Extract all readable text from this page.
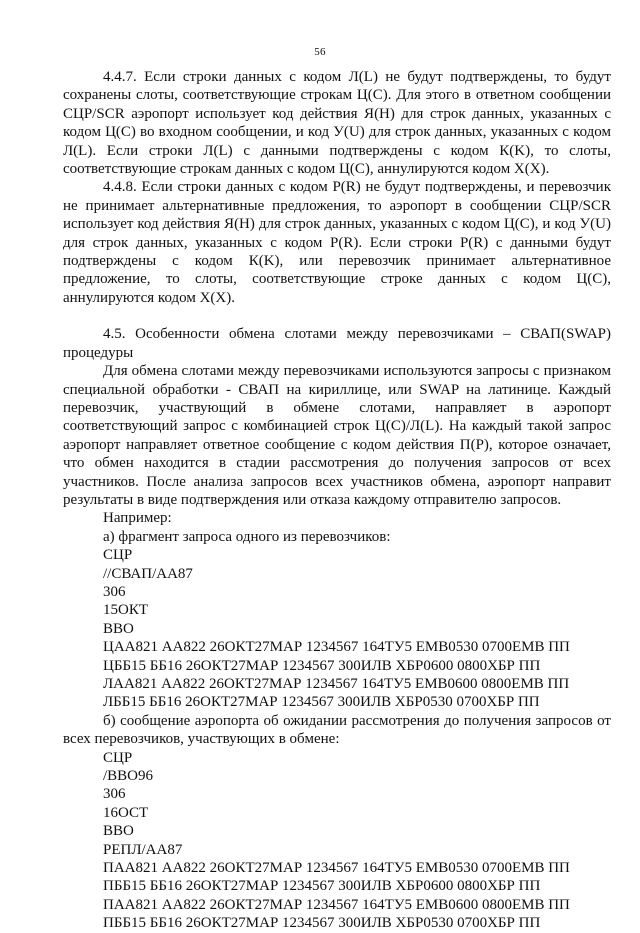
56

4.4.7. Если строки данных с кодом Л(L) не будут подтверждены, то будут сохранены слоты, соответствующие строкам Ц(C). Для этого в ответном сообщении СЦР/SCR аэропорт использует код действия Я(H) для строк данных, указанных с кодом Ц(C) во входном сообщении, и код У(U) для строк данных, указанных с кодом Л(L). Если строки Л(L) с данными подтверждены с кодом К(K), то слоты, соответствующие строкам данных с кодом Ц(C), аннулируются кодом Х(X).

4.4.8. Если строки данных с кодом Р(R) не будут подтверждены, и перевозчик не принимает альтернативные предложения, то аэропорт в сообщении СЦР/SCR использует код действия Я(H) для строк данных, указанных с кодом Ц(C), и код У(U) для строк данных, указанных с кодом Р(R). Если строки Р(R) с данными будут подтверждены с кодом К(K), или перевозчик принимает альтернативное предложение, то слоты, соответствующие строке данных с кодом Ц(C), аннулируются кодом Х(X).

4.5. Особенности обмена слотами между перевозчиками – СВАП(SWAP) процедуры

Для обмена слотами между перевозчиками используются запросы с признаком специальной обработки - СВАП на кириллице, или SWAP на латинице. Каждый перевозчик, участвующий в обмене слотами, направляет в аэропорт соответствующий запрос с комбинацией строк Ц(C)/Л(L). На каждый такой запрос аэропорт направляет ответное сообщение с кодом действия П(P), которое означает, что обмен находится в стадии рассмотрения до получения запросов от всех участников. После анализа запросов всех участников обмена, аэропорт направит результаты в виде подтверждения или отказа каждому отправителю запросов.

Например:

а) фрагмент запроса одного из перевозчиков:

СЦР
//СВАП/AA87
306
15ОКТ
ВВО
ЦАА821 АА822 26ОКТ27МАР 1234567 164ТУ5 EMB0530 0700EMB ПП
ЦББ15 ББ16 26ОКТ27МАР 1234567 300ИЛВ ХБР0600 0800ХБР ПП
ЛАА821 АА822 26ОКТ27МАР 1234567 164ТУ5 EMB0600 0800EMB ПП
ЛББ15 ББ16 26ОКТ27МАР 1234567 300ИЛВ ХБР0530 0700ХБР ПП

б) сообщение аэропорта об ожидании рассмотрения до получения запросов от всех перевозчиков, участвующих в обмене:

СЦР
/ВВО96
306
16ОСТ
ВВО
РЕПЛ/АА87
ПАА821 АА822 26ОКТ27МАР 1234567 164ТУ5 EMB0530 0700EMB ПП
ПББ15 ББ16 26ОКТ27МАР 1234567 300ИЛВ ХБР0600 0800ХБР ПП
ПАА821 АА822 26ОКТ27МАР 1234567 164ТУ5 EMB0600 0800EMB ПП
ПББ15 ББ16 26ОКТ27МАР 1234567 300ИЛВ ХБР0530 0700ХБР ПП
